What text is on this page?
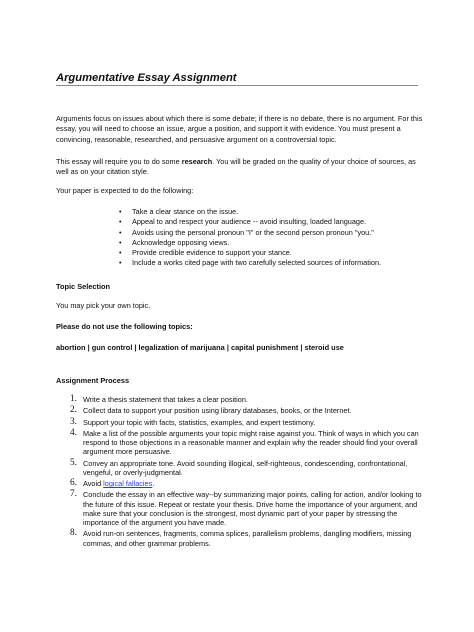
Argumentative Essay Assignment
Arguments focus on issues about which there is some debate; if there is no debate, there is no argument. For this essay, you will need to choose an issue, argue a position, and support it with evidence. You must present a convincing, reasonable, researched, and persuasive argument on a controversial topic.
This essay will require you to do some research. You will be graded on the quality of your choice of sources, as well as on your citation style.
Your paper is expected to do the following:
• Take a clear stance on the issue.
• Appeal to and respect your audience -- avoid insulting, loaded language.
• Avoids using the personal pronoun "I" or the second person pronoun "you."
• Acknowledge opposing views.
• Provide credible evidence to support your stance.
• Include a works cited page with two carefully selected sources of information.
Topic Selection
You may pick your own topic.
Please do not use the following topics:
abortion | gun control | legalization of marijuana | capital punishment | steroid use
Assignment Process
1. Write a thesis statement that takes a clear position.
2. Collect data to support your position using library databases, books, or the Internet.
3. Support your topic with facts, statistics, examples, and expert testimony.
4. Make a list of the possible arguments your topic might raise against you. Think of ways in which you can respond to those objections in a reasonable manner and explain why the reader should find your overall argument more persuasive.
5. Convey an appropriate tone. Avoid sounding illogical, self-righteous, condescending, confrontational, vengeful, or overly-judgmental.
6. Avoid logical fallacies.
7. Conclude the essay in an effective way--by summarizing major points, calling for action, and/or looking to the future of this issue. Repeat or restate your thesis. Drive home the importance of your argument, and make sure that your conclusion is the strongest, most dynamic part of your paper by stressing the importance of the argument you have made.
8. Avoid run-on sentences, fragments, comma splices, parallelism problems, dangling modifiers, missing commas, and other grammar problems.
